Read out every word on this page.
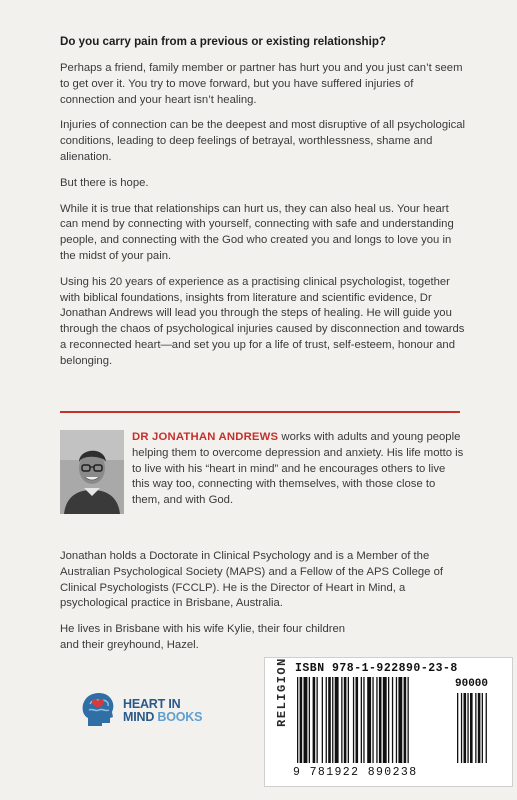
Do you carry pain from a previous or existing relationship?

Perhaps a friend, family member or partner has hurt you and you just can’t seem to get over it. You try to move forward, but you have suffered injuries of connection and your heart isn’t healing.

Injuries of connection can be the deepest and most disruptive of all psychological conditions, leading to deep feelings of betrayal, worthlessness, shame and alienation.

But there is hope.

While it is true that relationships can hurt us, they can also heal us. Your heart can mend by connecting with yourself, connecting with safe and understanding people, and connecting with the God who created you and longs to love you in the midst of your pain.

Using his 20 years of experience as a practising clinical psychologist, together with biblical foundations, insights from literature and scientific evidence, Dr Jonathan Andrews will lead you through the steps of healing. He will guide you through the chaos of psychological injuries caused by disconnection and towards a reconnected heart—and set you up for a life of trust, self-esteem, honour and belonging.

DR JONATHAN ANDREWS works with adults and young people helping them to overcome depression and anxiety. His life motto is to live with his “heart in mind” and he encourages others to live this way too, connecting with themselves, with those close to them, and with God.

Jonathan holds a Doctorate in Clinical Psychology and is a Member of the Australian Psychological Society (MAPS) and a Fellow of the APS College of Clinical Psychologists (FCCLP). He is the Director of Heart in Mind, a psychological practice in Brisbane, Australia.

He lives in Brisbane with his wife Kylie, their four children and their greyhound, Hazel.

HEART IN
MIND BOOKS	RELIGION ISBN 978-1-922890-23-8
90000
9 781922 890238
